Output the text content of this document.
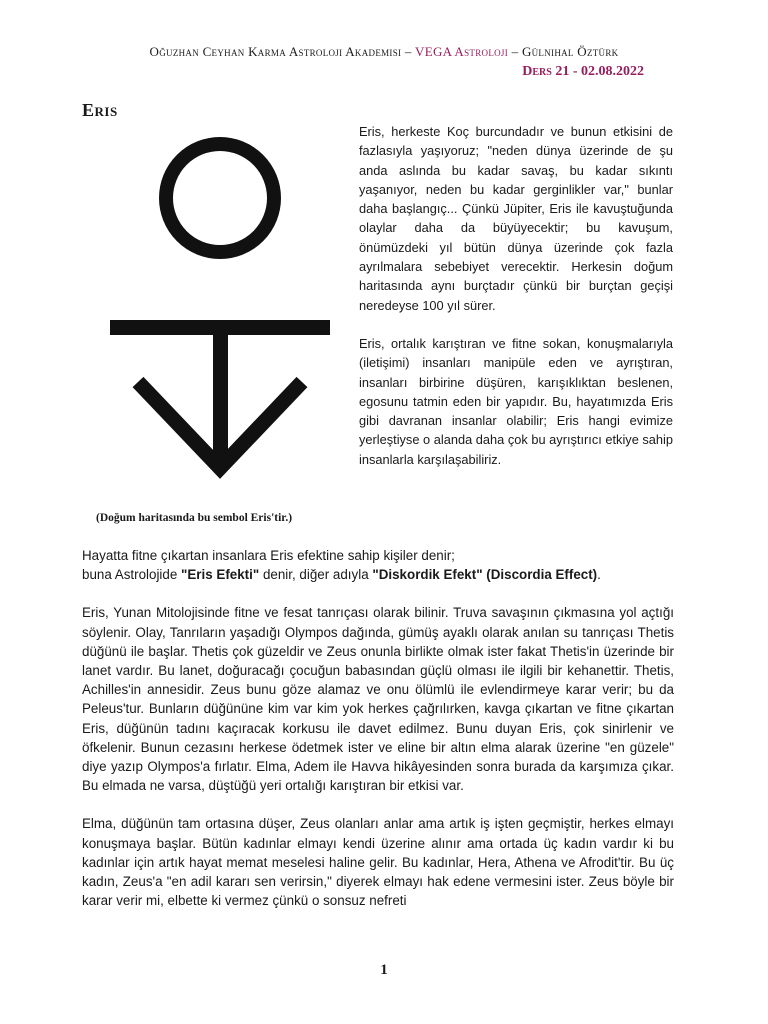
Oğuzhan Ceyhan Karma Astroloji Akademisi – VEGA Astroloji – Gülnihal Öztürk
Ders 21 - 02.08.2022
Eris
(Doğum haritasında bu sembol Eris'tir.)

Eris, herkeste Koç burcundadır ve bunun etkisini de fazlasıyla yaşıyoruz; "neden dünya üzerinde de şu anda aslında bu kadar savaş, bu kadar sıkıntı yaşanıyor, neden bu kadar gerginlikler var," bunlar daha başlangıç... Çünkü Jüpiter, Eris ile kavuştuğunda olaylar daha da büyüyecektir; bu kavuşum, önümüzdeki yıl bütün dünya üzerinde çok fazla ayrılmalara sebebiyet verecektir. Herkesin doğum haritasında aynı burçtadır çünkü bir burçtan geçişi neredeyse 100 yıl sürer.

Eris, ortalık karıştıran ve fitne sokan, konuşmalarıyla (iletişimi) insanları manipüle eden ve ayrıştıran, insanları birbirine düşüren, karışıklıktan beslenen, egosunu tatmin eden bir yapıdır. Bu, hayatımızda Eris gibi davranan insanlar olabilir; Eris hangi evimize yerleştiyse o alanda daha çok bu ayrıştırıcı etkiye sahip insanlarla karşılaşabiliriz.

Hayatta fitne çıkartan insanlara Eris efektine sahip kişiler denir;
buna Astrolojide "Eris Efekti" denir, diğer adıyla "Diskordik Efekt" (Discordia Effect).

Eris, Yunan Mitolojisinde fitne ve fesat tanrıçası olarak bilinir. Truva savaşının çıkmasına yol açtığı söylenir. Olay, Tanrıların yaşadığı Olympos dağında, gümüş ayaklı olarak anılan su tanrıçası Thetis düğünü ile başlar. Thetis çok güzeldir ve Zeus onunla birlikte olmak ister fakat Thetis'in üzerinde bir lanet vardır. Bu lanet, doğuracağı çocuğun babasından güçlü olması ile ilgili bir kehanettir. Thetis, Achilles'in annesidir. Zeus bunu göze alamaz ve onu ölümlü ile evlendirmeye karar verir; bu da Peleus'tur. Bunların düğününe kim var kim yok herkes çağrılırken, kavga çıkartan ve fitne çıkartan Eris, düğünün tadını kaçıracak korkusu ile davet edilmez. Bunu duyan Eris, çok sinirlenir ve öfkelenir. Bunun cezasını herkese ödetmek ister ve eline bir altın elma alarak üzerine "en güzele" diye yazıp Olympos'a fırlatır. Elma, Adem ile Havva hikâyesinden sonra burada da karşımıza çıkar. Bu elmada ne varsa, düştüğü yeri ortalığı karıştıran bir etkisi var.

Elma, düğünün tam ortasına düşer, Zeus olanları anlar ama artık iş işten geçmiştir, herkes elmayı konuşmaya başlar. Bütün kadınlar elmayı kendi üzerine alınır ama ortada üç kadın vardır ki bu kadınlar için artık hayat memat meselesi haline gelir. Bu kadınlar, Hera, Athena ve Afrodit'tir. Bu üç kadın, Zeus'a "en adil kararı sen verirsin," diyerek elmayı hak edene vermesini ister. Zeus böyle bir karar verir mi, elbette ki vermez çünkü o sonsuz nefreti

1
